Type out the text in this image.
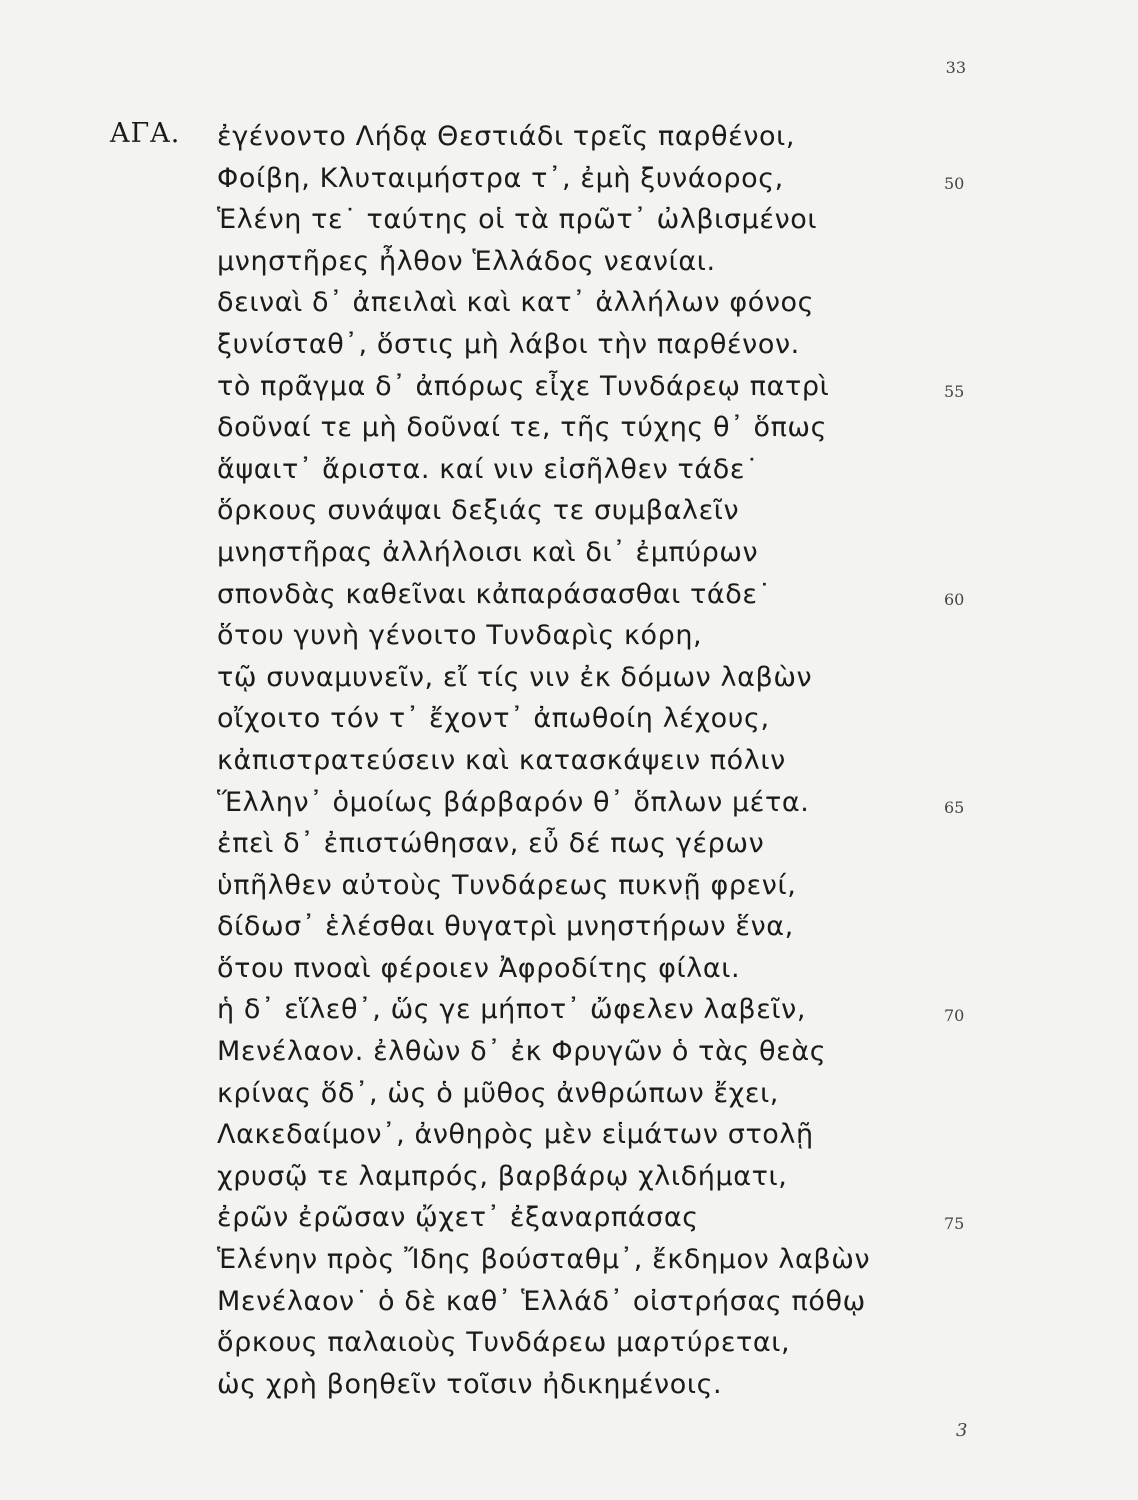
33
ΑΓΑ. ἐγένοντο Λήδᾳ Θεστιάδι τρεῖς παρθένοι,
Φοίβη, Κλυταιμήστρα τ᾽, ἐμὴ ξυνάορος,
Ἑλένη τε˙ ταύτης οἱ τὰ πρῶτ᾽ ὠλβισμένοι
μνηστῆρες ἦλθον Ἑλλάδος νεανίαι.
δειναὶ δ᾽ ἀπειλαὶ καὶ κατ᾽ ἀλλήλων φόνος
ξυνίσταθ᾽, ὅστις μὴ λάβοι τὴν παρθένον.
τὸ πρᾶγμα δ᾽ ἀπόρως εἶχε Τυνδάρεῳ πατρὶ
δοῦναί τε μὴ δοῦναί τε, τῆς τύχης θ᾽ ὅπως
ἅψαιτ᾽ ἄριστα. καί νιν εἰσῆλθεν τάδε˙
ὅρκους συνάψαι δεξιάς τε συμβαλεῖν
μνηστῆρας ἀλλήλοισι καὶ δι᾽ ἐμπύρων
σπονδὰς καθεῖναι κἀπαράσασθαι τάδε˙
ὅτου γυνὴ γένοιτο Τυνδαρὶς κόρη,
τῷ συναμυνεῖν, εἴ τίς νιν ἐκ δόμων λαβὼν
οἴχοιτο τόν τ᾽ ἔχοντ᾽ ἀπωθοίη λέχους,
κἀπιστρατεύσειν καὶ κατασκάψειν πόλιν
Ἕλλην᾽ ὁμοίως βάρβαρόν θ᾽ ὅπλων μέτα.
ἐπεὶ δ᾽ ἐπιστώθησαν, εὖ δέ πως γέρων
ὑπῆλθεν αὐτοὺς Τυνδάρεως πυκνῇ φρενί,
δίδωσ᾽ ἑλέσθαι θυγατρὶ μνηστήρων ἕνα,
ὅτου πνοαὶ φέροιεν Ἀφροδίτης φίλαι.
ἡ δ᾽ εἵλεθ᾽, ὥς γε μήποτ᾽ ὤφελεν λαβεῖν,
Μενέλαον. ἐλθὼν δ᾽ ἐκ Φρυγῶν ὁ τὰς θεὰς
κρίνας ὅδ᾽, ὡς ὁ μῦθος ἀνθρώπων ἔχει,
Λακεδαίμον᾽, ἀνθηρὸς μὲν εἱμάτων στολῇ
χρυσῷ τε λαμπρός, βαρβάρῳ χλιδήματι,
ἐρῶν ἐρῶσαν ᾤχετ᾽ ἐξαναρπάσας
Ἑλένην πρὸς Ἴδης βούσταθμ᾽, ἔκδημον λαβὼν
Μενέλαον˙ ὁ δὲ καθ᾽ Ἑλλάδ᾽ οἰστρήσας πόθῳ
ὅρκους παλαιοὺς Τυνδάρεω μαρτύρεται,
ὡς χρὴ βοηθεῖν τοῖσιν ἠδικημένοις.
50
55
60
65
70
75
3
